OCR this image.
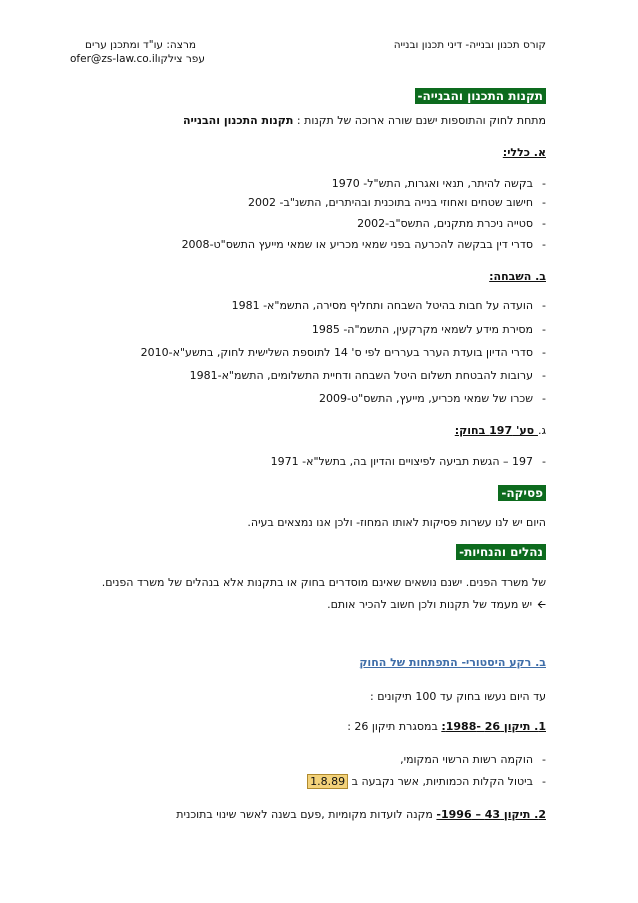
קורס תכנון ובנייה- דיני תכנון ובנייה
מרצה: עו"ד ומתכנן ערים
ofer@zs-law.co.ilעפר צילקו
תקנות התכנון והבנייה-
מתחת לחוק והתוספות ישנם שורה ארוכה של תקנות : תקנות התכנון והבנייה
א. כללי:
-בקשה להיתר, תנאי ואגרות, התש"ל- 1970
-חישוב שטחים ואחוזי בנייה בתוכנית ובהיתרים, התשנ"ב- 2002
-סטייה ניכרת מתקנים, התשס"ב-2002
-סדרי דין בבקשה להכרעה בפני שמאי מכריע או שמאי מייעץ התשס"ט-2008
ב. השבחה:
-הועדה על חבות בהיטל השבחה ותחליף מסירה, התשמ"א- 1981
-מסירת מידע לשמאי מקרקעין, התשמ"ה- 1985
-סדרי הדיון בועדת הערר בעררים לפי ס' 14 לתוספת השלישית לחוק, בתשע"א-2010
-ערובות להבטחת תשלום היטל השבחה ודחיית התשלומים, התשמ"א-1981
-שכרו של שמאי מכריע, מייעץ, התשס"ט-2009
ג. סע' 197 בחוק:
-197 – הגשת תביעה לפיצויים והדיון בה, בתשל"א- 1971
פסיקה-
היום יש לנו עשרות פסיקות לאותו המחוז- ולכן אנו נמצאים בעיה.
נהלים והנחיות-
של משרד הפנים. ישנם נושאים שאינם מוסדרים בחוק או בתקנות אלא בנהלים של משרד הפנים.
🡨יש מעמד של תקנות ולכן חשוב להכיר אותם.
ב. רקע היסטורי- התפתחות של החוק
עד היום נעשו בחוק עד 100 תיקונים :
1. תיקון 26 -1988: במסגרת תיקון 26 :
-הוקמה רשות הרשוי המקומי,
-ביטול הקלות הכמותיות, אשר נקבעה ב 1.8.89
2. תיקון 43 – 1996- מקנה לועדות מקומיות ,פעם בשנה לאשר שינוי בתוכנית
